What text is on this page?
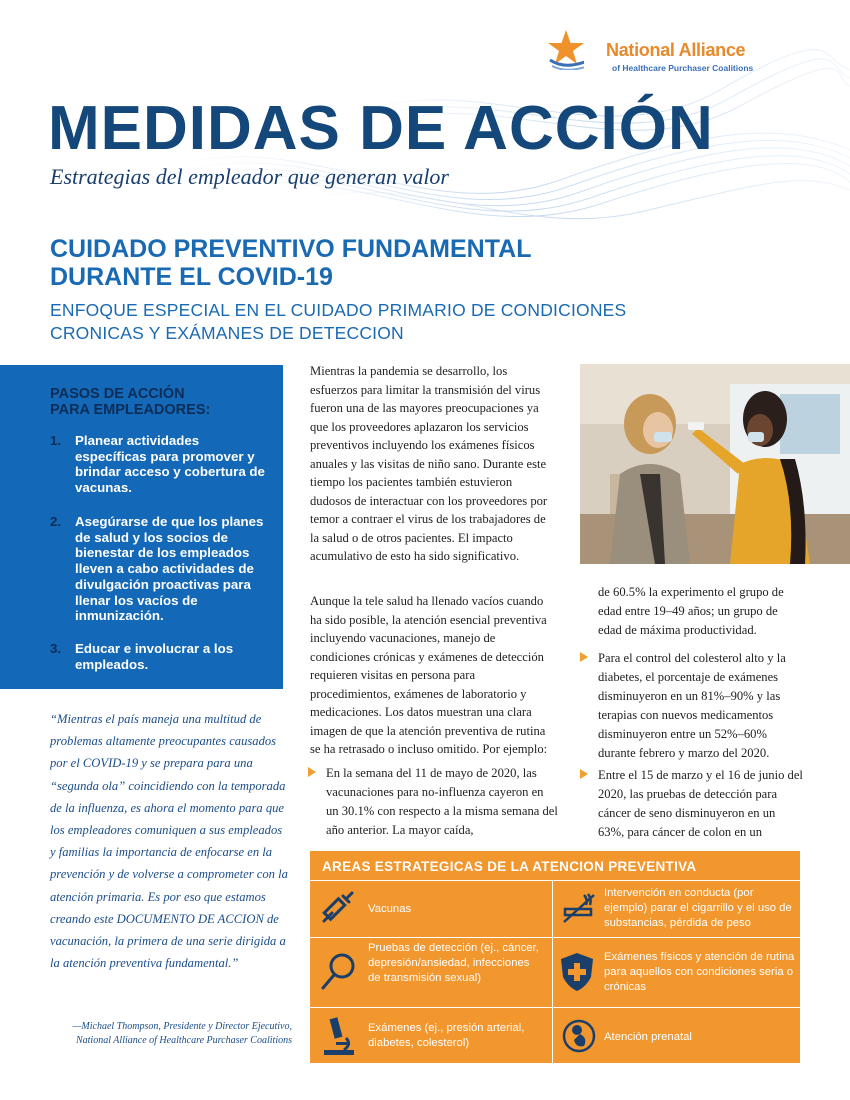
National Alliance
of Healthcare Purchaser Coalitions
MEDIDAS DE ACCIÓN
Estrategias del empleador que generan valor
CUIDADO PREVENTIVO FUNDAMENTAL
DURANTE EL COVID-19
ENFOQUE ESPECIAL EN EL CUIDADO PRIMARIO DE CONDICIONES
CRONICAS Y EXÁMANES DE DETECCION
PASOS DE ACCIÓN
PARA EMPLEADORES:
1. Planear actividades específicas para promover y brindar acceso y cobertura de vacunas.
2. Asegúrarse de que los planes de salud y los socios de bienestar de los empleados lleven a cabo actividades de divulgación proactivas para llenar los vacíos de inmunización.
3. Educar e involucrar a los empleados.
“Mientras el país maneja una multitud de problemas altamente preocupantes causados por el COVID-19 y se prepara para una “segunda ola” coincidiendo con la temporada de la influenza, es ahora el momento para que los empleadores comuniquen a sus empleados y familias la importancia de enfocarse en la prevención y de volverse a comprometer con la atención primaria. Es por eso que estamos creando este DOCUMENTO DE ACCION de vacunación, la primera de una serie dirigida a la atención preventiva fundamental.”
—Michael Thompson, Presidente y Director Ejecutivo, National Alliance of Healthcare Purchaser Coalitions
Mientras la pandemia se desarrollo, los esfuerzos para limitar la transmisión del virus fueron una de las mayores preocupaciones ya que los proveedores aplazaron los servicios preventivos incluyendo los exámenes físicos anuales y las visitas de niño sano. Durante este tiempo los pacientes también estuvieron dudosos de interactuar con los proveedores por temor a contraer el virus de los trabajadores de la salud o de otros pacientes. El impacto acumulativo de esto ha sido significativo.
Aunque la tele salud ha llenado vacíos cuando ha sido posible, la atención esencial preventiva incluyendo vacunaciones, manejo de condiciones crónicas y exámenes de detección requieren visitas en persona para procedimientos, exámenes de laboratorio y medicaciones. Los datos muestran una clara imagen de que la atención preventiva de rutina se ha retrasado o incluso omitido. Por ejemplo:
En la semana del 11 de mayo de 2020, las vacunaciones para no-influenza cayeron en un 30.1% con respecto a la misma semana del año anterior. La mayor caída,
de 60.5% la experimento el grupo de edad entre 19–49 años; un grupo de edad de máxima productividad.
Para el control del colesterol alto y la diabetes, el porcentaje de exámenes disminuyeron en un 81%–90% y las terapias con nuevos medicamentos disminuyeron entre un 52%–60% durante febrero y marzo del 2020.
Entre el 15 de marzo y el 16 de junio del 2020, las pruebas de detección para cáncer de seno disminuyeron en un 63%, para cáncer de colon en un
AREAS ESTRATEGICAS DE LA ATENCION PREVENTIVA
Vacunas
Intervención en conducta (por ejemplo) parar el cigarrillo y el uso de substancias, pérdida de peso
Pruebas de detección (ej., cáncer, depresión/ansiedad, infecciones de transmisión sexual)
Exámenes físicos y atención de rutina para aquellos con condiciones seria o crónicas
Exámenes (ej., presión arterial, diabetes, colesterol)	Atención prenatal
